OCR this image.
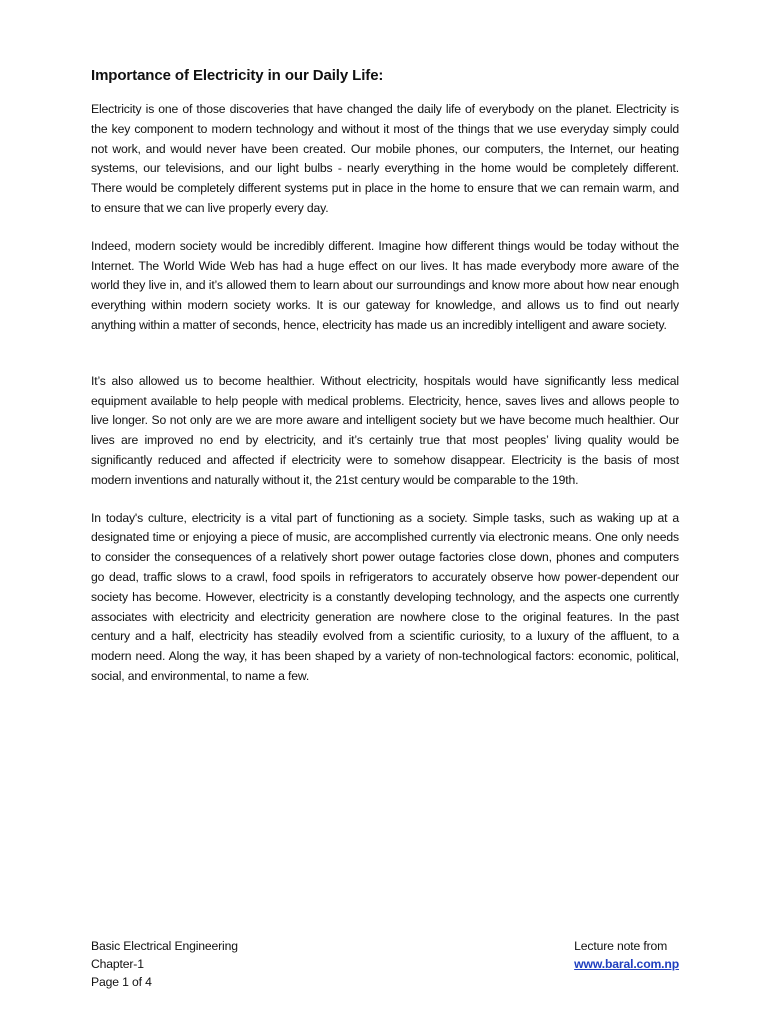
Importance of Electricity in our Daily Life:

Electricity is one of those discoveries that have changed the daily life of everybody on the planet. Electricity is the key component to modern technology and without it most of the things that we use everyday simply could not work, and would never have been created. Our mobile phones, our computers, the Internet, our heating systems, our televisions, and our light bulbs - nearly everything in the home would be completely different. There would be completely different systems put in place in the home to ensure that we can remain warm, and to ensure that we can live properly every day.

Indeed, modern society would be incredibly different. Imagine how different things would be today without the Internet. The World Wide Web has had a huge effect on our lives. It has made everybody more aware of the world they live in, and it’s allowed them to learn about our surroundings and know more about how near enough everything within modern society works. It is our gateway for knowledge, and allows us to find out nearly anything within a matter of seconds, hence, electricity has made us an incredibly intelligent and aware society.

It’s also allowed us to become healthier. Without electricity, hospitals would have significantly less medical equipment available to help people with medical problems. Electricity, hence, saves lives and allows people to live longer. So not only are we are more aware and intelligent society but we have become much healthier. Our lives are improved no end by electricity, and it’s certainly true that most peoples’ living quality would be significantly reduced and affected if electricity were to somehow disappear. Electricity is the basis of most modern inventions and naturally without it, the 21st century would be comparable to the 19th.

In today's culture, electricity is a vital part of functioning as a society. Simple tasks, such as waking up at a designated time or enjoying a piece of music, are accomplished currently via electronic means. One only needs to consider the consequences of a relatively short power outage factories close down, phones and computers go dead, traffic slows to a crawl, food spoils in refrigerators to accurately observe how power-dependent our society has become. However, electricity is a constantly developing technology, and the aspects one currently associates with electricity and electricity generation are nowhere close to the original features. In the past century and a half, electricity has steadily evolved from a scientific curiosity, to a luxury of the affluent, to a modern need. Along the way, it has been shaped by a variety of non-technological factors: economic, political, social, and environmental, to name a few.

Basic Electrical Engineering
Chapter-1
Page 1 of 4
Lecture note from
www.baral.com.np
